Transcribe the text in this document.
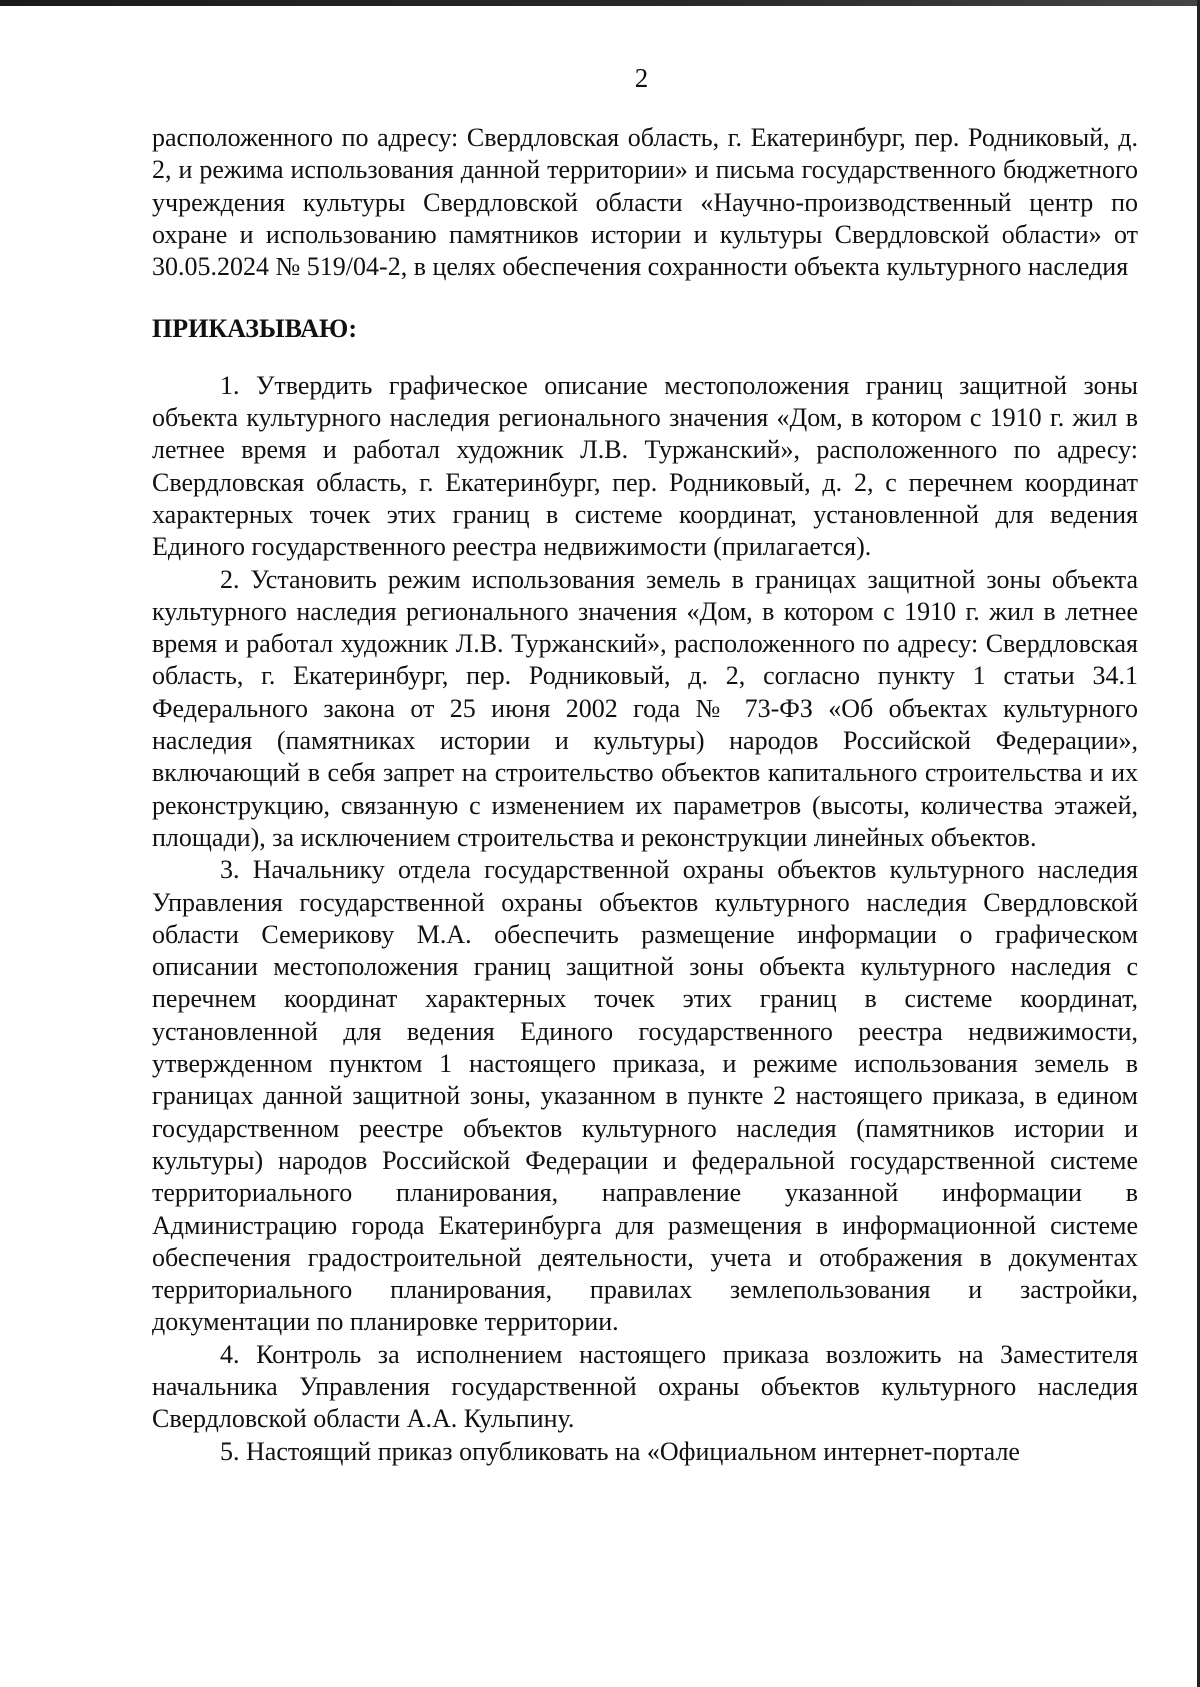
2

расположенного по адресу: Свердловская область, г. Екатеринбург, пер. Родниковый, д. 2, и режима использования данной территории» и письма государственного бюджетного учреждения культуры Свердловской области «Научно-производственный центр по охране и использованию памятников истории и культуры Свердловской области» от 30.05.2024 № 519/04-2, в целях обеспечения сохранности объекта культурного наследия

ПРИКАЗЫВАЮ:

1. Утвердить графическое описание местоположения границ защитной зоны объекта культурного наследия регионального значения «Дом, в котором с 1910 г. жил в летнее время и работал художник Л.В. Туржанский», расположенного по адресу: Свердловская область, г. Екатеринбург, пер. Родниковый, д. 2, с перечнем координат характерных точек этих границ в системе координат, установленной для ведения Единого государственного реестра недвижимости (прилагается).

2. Установить режим использования земель в границах защитной зоны объекта культурного наследия регионального значения «Дом, в котором с 1910 г. жил в летнее время и работал художник Л.В. Туржанский», расположенного по адресу: Свердловская область, г. Екатеринбург, пер. Родниковый, д. 2, согласно пункту 1 статьи 34.1 Федерального закона от 25 июня 2002 года № 73-ФЗ «Об объектах культурного наследия (памятниках истории и культуры) народов Российской Федерации», включающий в себя запрет на строительство объектов капитального строительства и их реконструкцию, связанную с изменением их параметров (высоты, количества этажей, площади), за исключением строительства и реконструкции линейных объектов.

3. Начальнику отдела государственной охраны объектов культурного наследия Управления государственной охраны объектов культурного наследия Свердловской области Семерикову М.А. обеспечить размещение информации о графическом описании местоположения границ защитной зоны объекта культурного наследия с перечнем координат характерных точек этих границ в системе координат, установленной для ведения Единого государственного реестра недвижимости, утвержденном пунктом 1 настоящего приказа, и режиме использования земель в границах данной защитной зоны, указанном в пункте 2 настоящего приказа, в едином государственном реестре объектов культурного наследия (памятников истории и культуры) народов Российской Федерации и федеральной государственной системе территориального планирования, направление указанной информации в Администрацию города Екатеринбурга для размещения в информационной системе обеспечения градостроительной деятельности, учета и отображения в документах территориального планирования, правилах землепользования и застройки, документации по планировке территории.

4. Контроль за исполнением настоящего приказа возложить на Заместителя начальника Управления государственной охраны объектов культурного наследия Свердловской области А.А. Кульпину.

5. Настоящий приказ опубликовать на «Официальном интернет-портале
